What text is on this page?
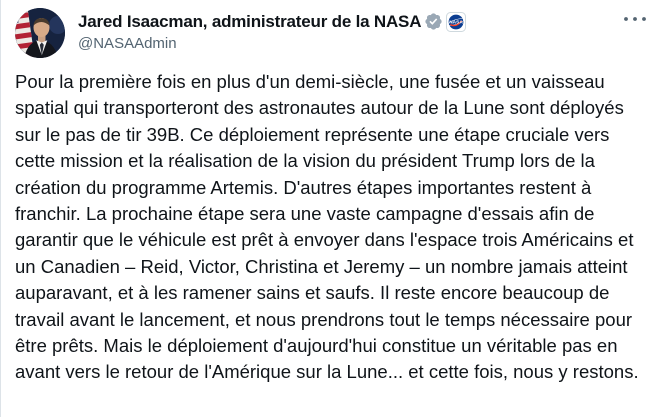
Jared Isaacman, administrateur de la NASA	NASA
@NASAAdmin

Pour la première fois en plus d'un demi-siècle, une fusée et un vaisseau spatial qui transporteront des astronautes autour de la Lune sont déployés sur le pas de tir 39B. Ce déploiement représente une étape cruciale vers cette mission et la réalisation de la vision du président Trump lors de la création du programme Artemis. D'autres étapes importantes restent à franchir. La prochaine étape sera une vaste campagne d'essais afin de garantir que le véhicule est prêt à envoyer dans l'espace trois Américains et un Canadien – Reid, Victor, Christina et Jeremy – un nombre jamais atteint auparavant, et à les ramener sains et saufs. Il reste encore beaucoup de travail avant le lancement, et nous prendrons tout le temps nécessaire pour être prêts. Mais le déploiement d'aujourd'hui constitue un véritable pas en avant vers le retour de l'Amérique sur la Lune... et cette fois, nous y restons.
